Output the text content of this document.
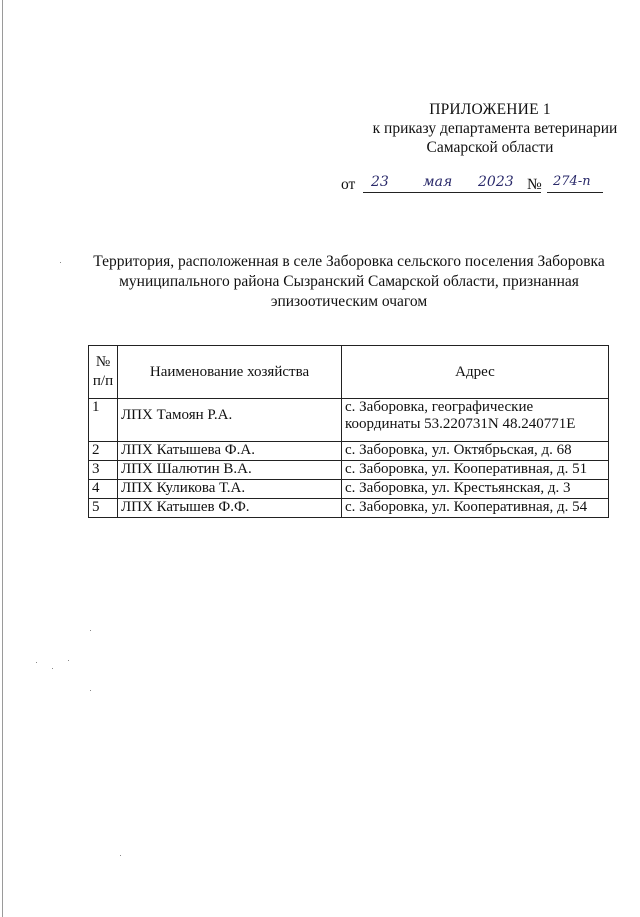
ПРИЛОЖЕНИЕ 1
к приказу департамента ветеринарии
Самарской области
от 23 мая 2023 № 274-п
Территория, расположенная в селе Заборовка сельского поселения Заборовка
муниципального района Сызранский Самарской области, признанная
эпизоотическим очагом
№ п/п	Наименование хозяйства	Адрес
1	ЛПХ Тамоян Р.А.	с. Заборовка, географические координаты 53.220731N 48.240771E
2	ЛПХ Катышева Ф.А.	с. Заборовка, ул. Октябрьская, д. 68
3	ЛПХ Шалютин В.А.	с. Заборовка, ул. Кооперативная, д. 51
4	ЛПХ Куликова Т.А.	с. Заборовка, ул. Крестьянская, д. 3
5	ЛПХ Катышев Ф.Ф.	с. Заборовка, ул. Кооперативная, д. 54
